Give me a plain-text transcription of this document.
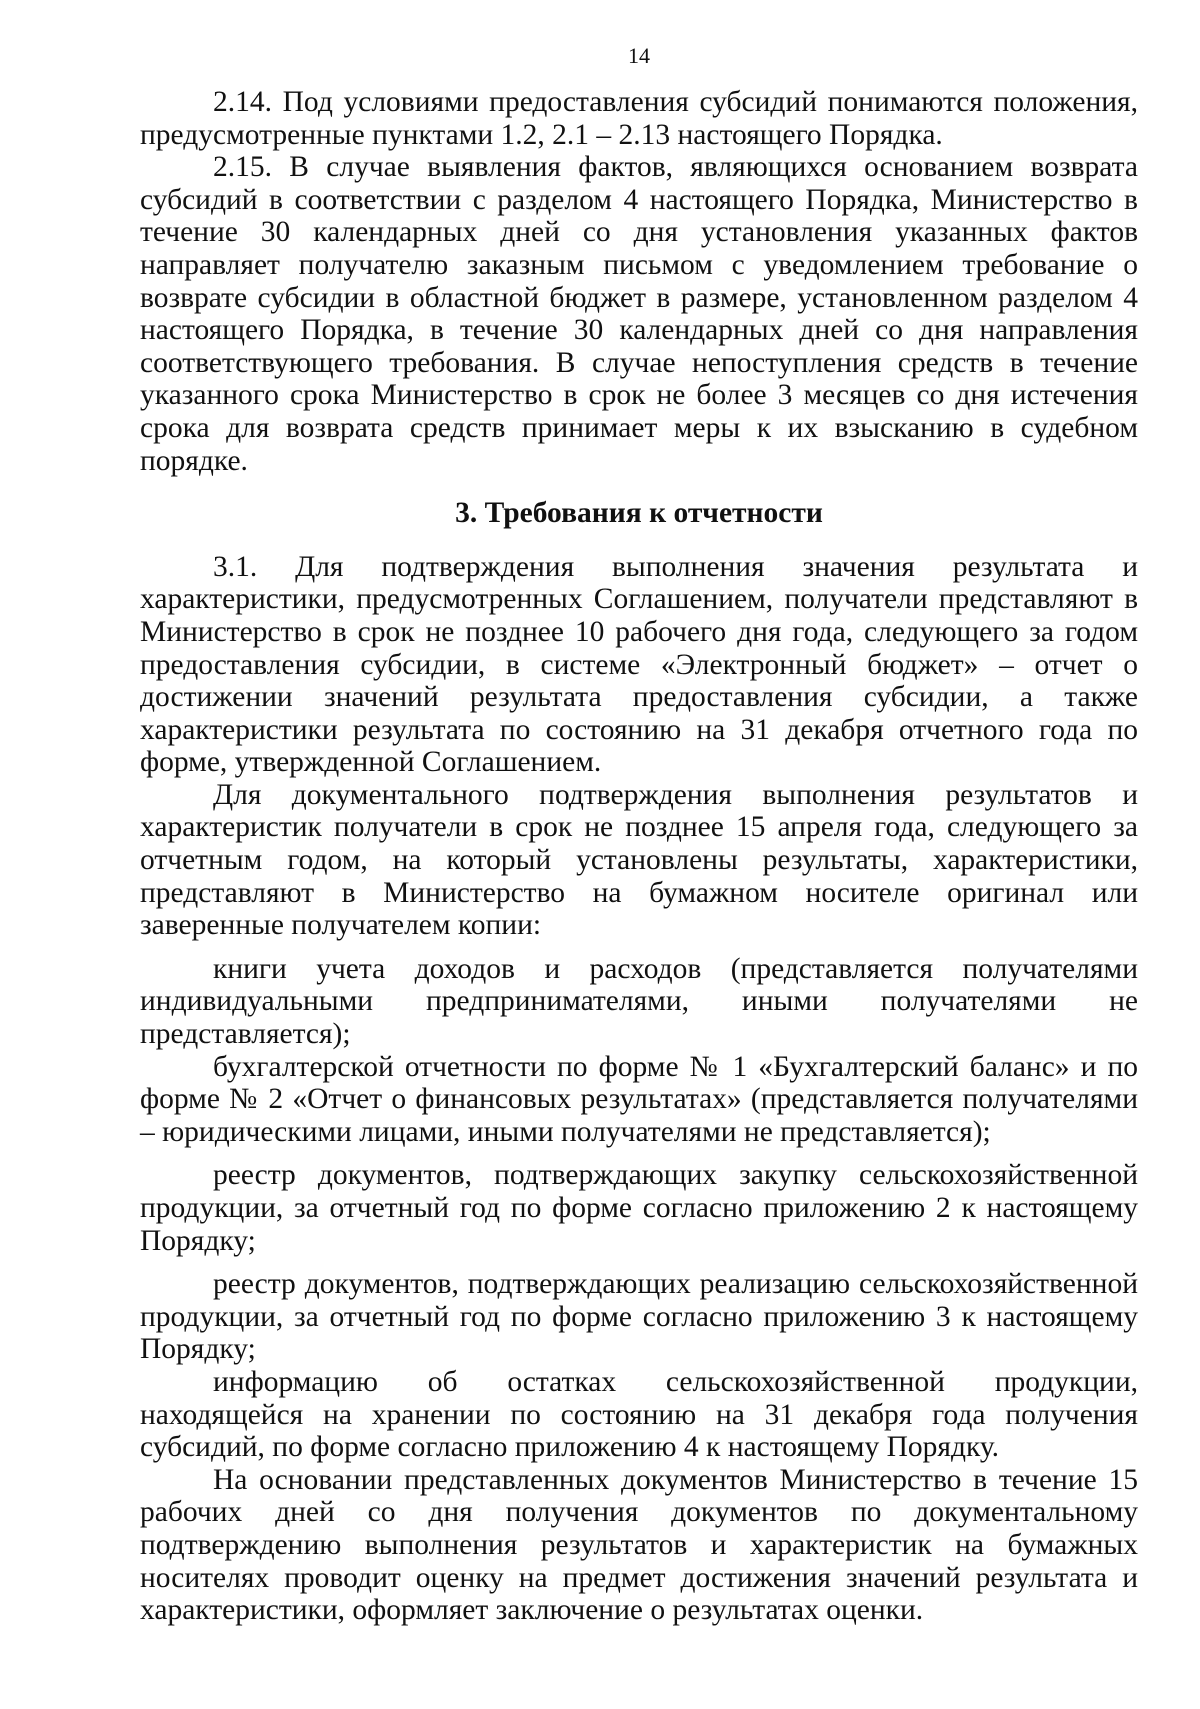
14

2.14. Под условиями предоставления субсидий понимаются положения, предусмотренные пунктами 1.2, 2.1 – 2.13 настоящего Порядка.

2.15. В случае выявления фактов, являющихся основанием возврата субсидий в соответствии с разделом 4 настоящего Порядка, Министерство в течение 30 календарных дней со дня установления указанных фактов направляет получателю заказным письмом с уведомлением требование о возврате субсидии в областной бюджет в размере, установленном разделом 4 настоящего Порядка, в течение 30 календарных дней со дня направления соответствующего требования. В случае непоступления средств в течение указанного срока Министерство в срок не более 3 месяцев со дня истечения срока для возврата средств принимает меры к их взысканию в судебном порядке.

3. Требования к отчетности

3.1. Для подтверждения выполнения значения результата и характеристики, предусмотренных Соглашением, получатели представляют в Министерство в срок не позднее 10 рабочего дня года, следующего за годом предоставления субсидии, в системе «Электронный бюджет» – отчет о достижении значений результата предоставления субсидии, а также характеристики результата по состоянию на 31 декабря отчетного года по форме, утвержденной Соглашением.

Для документального подтверждения выполнения результатов и характеристик получатели в срок не позднее 15 апреля года, следующего за отчетным годом, на который установлены результаты, характеристики, представляют в Министерство на бумажном носителе оригинал или заверенные получателем копии:

книги учета доходов и расходов (представляется получателями индивидуальными предпринимателями, иными получателями не представляется);

бухгалтерской отчетности по форме № 1 «Бухгалтерский баланс» и по форме № 2 «Отчет о финансовых результатах» (представляется получателями – юридическими лицами, иными получателями не представляется);

реестр документов, подтверждающих закупку сельскохозяйственной продукции, за отчетный год по форме согласно приложению 2 к настоящему Порядку;

реестр документов, подтверждающих реализацию сельскохозяйственной продукции, за отчетный год по форме согласно приложению 3 к настоящему Порядку;

информацию об остатках сельскохозяйственной продукции, находящейся на хранении по состоянию на 31 декабря года получения субсидий, по форме согласно приложению 4 к настоящему Порядку.

На основании представленных документов Министерство в течение 15 рабочих дней со дня получения документов по документальному подтверждению выполнения результатов и характеристик на бумажных носителях проводит оценку на предмет достижения значений результата и характеристики, оформляет заключение о результатах оценки.
